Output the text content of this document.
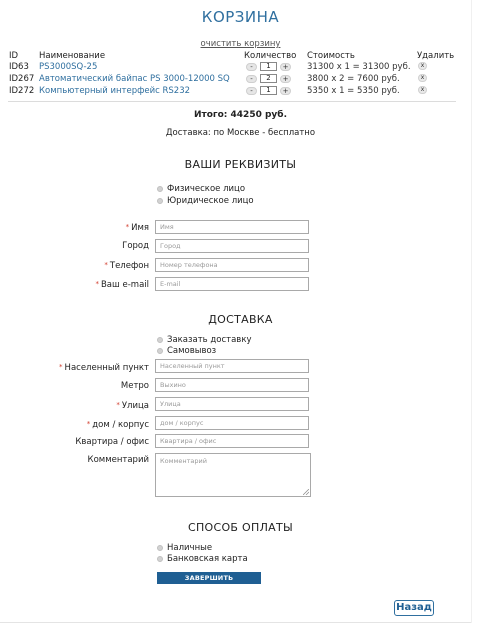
КОРЗИНА
очистить корзину
ID Наименование	Количество Стоимость	Удалить
ID63 PS3000SQ-25	-	1	+	31300 x 1 = 31300 руб.	x
ID267 Автоматический байпас PS 3000-12000 SQ	-	2	+	3800 x 2 = 7600 руб.	x
ID272 Компьютерный интерфейс RS232	-	1	+	5350 x 1 = 5350 руб.	x
Итого: 44250 руб.
Доставка: по Москве - бесплатно
ВАШИ РЕКВИЗИТЫ
Физическое лицо
Юридическое лицо
* Имя	Имя
Город	Город
* Телефон	Номер телефона
* Ваш e-mail	E-mail
ДОСТАВКА
Заказать доставку
Самовывоз
* Населенный пункт	Населенный пункт
Метро	Выхино
* Улица	Улица
* дом / корпус	дом / корпус
Квартира / офис	Квартира / офис
Комментарий	Комментарий
СПОСОБ ОПЛАТЫ
Наличные
Банковская карта
ЗАВЕРШИТЬ ОФОРМЛЕНИЕ
Назад
